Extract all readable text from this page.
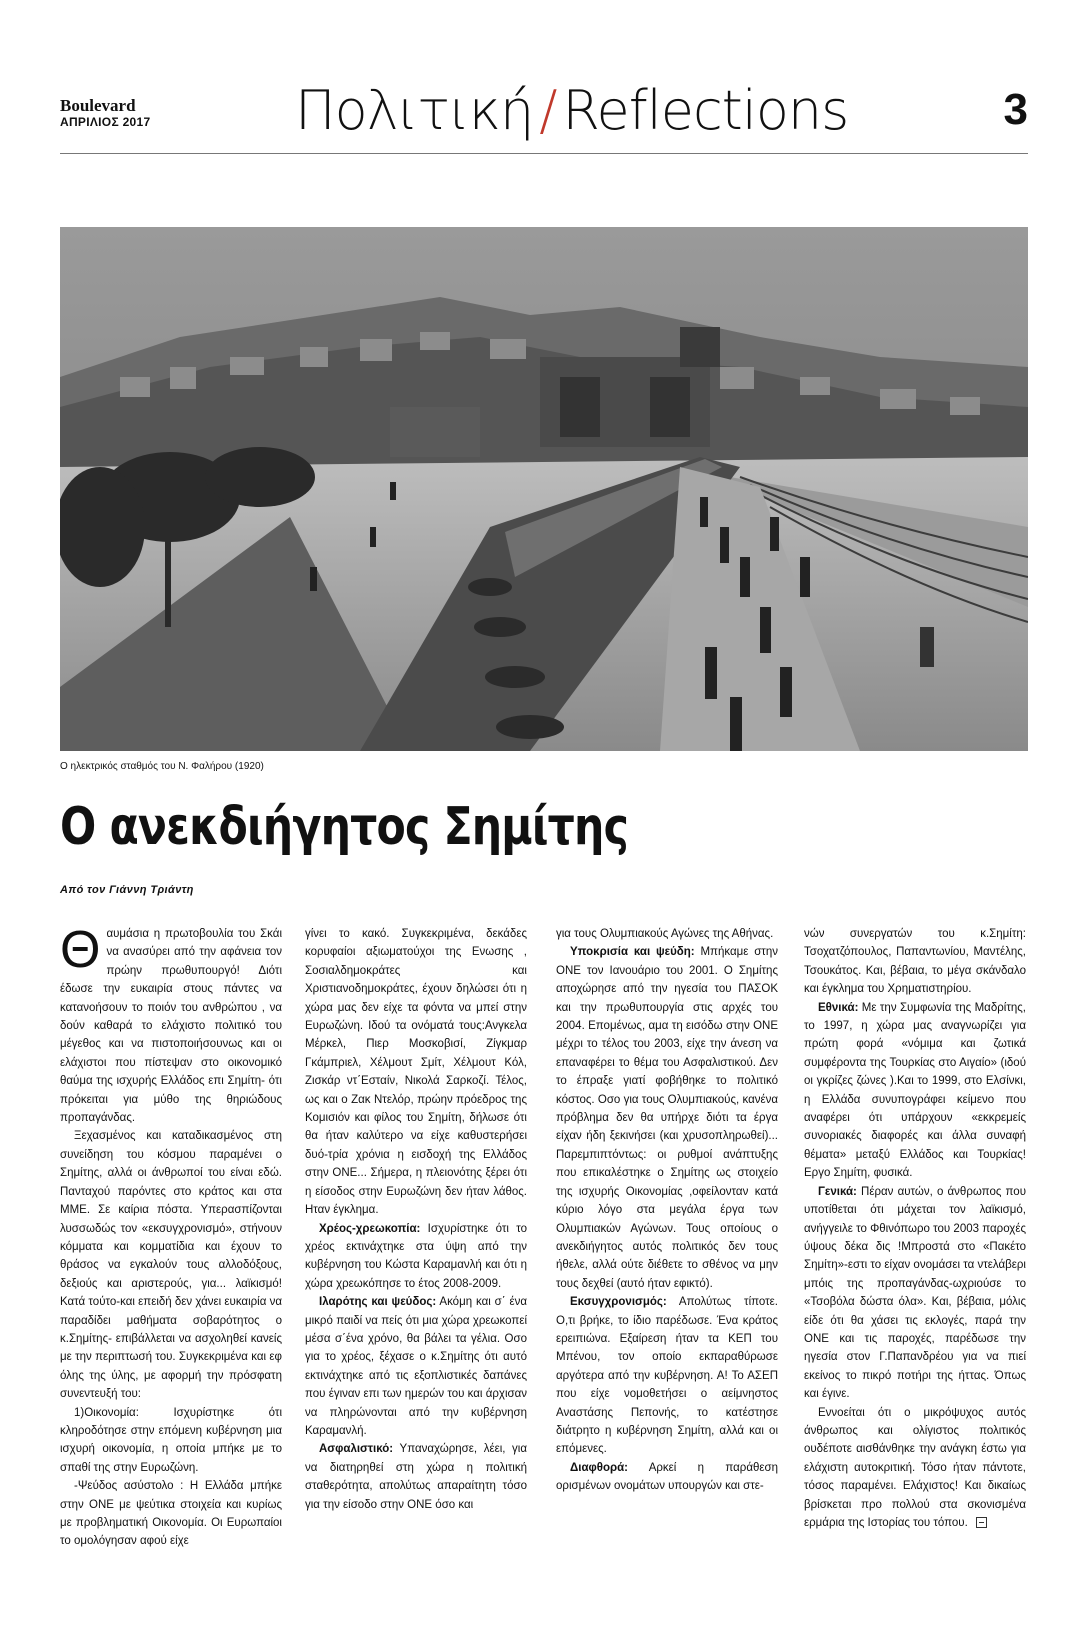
Boulevard
ΑΠΡΙΛΙΟΣ 2017	Πολιτική / Reflections	3
Ο ηλεκτρικός σταθμός του Ν. Φαλήρου (1920)
Ο ανεκδιήγητος Σημίτης
Από τον Γιάννη Τριάντη

Θαυμάσια η πρωτοβουλία του Σκάι να ανασύρει από την αφάνεια τον πρώην πρωθυπουργό! Διότι έδωσε την ευκαιρία στους πάντες να κατανοήσουν το ποιόν του ανθρώπου , να δούν καθαρά το ελάχιστο πολιτικό του μέγεθος και να πιστοποιήσουνως και οι ελάχιστοι που πίστεψαν στο οικονομικό θαύμα της ισχυρής Ελλάδος επι Σημίτη- ότι πρόκειται για μύθο της θηριώδους προπαγάνδας.

Ξεχασμένος και καταδικασμένος στη συνείδηση του κόσμου παραμένει ο Σημίτης, αλλά οι άνθρωποί του είναι εδώ. Πανταχού παρόντες στο κράτος και στα ΜΜΕ. Σε καίρια πόστα. Υπερασπίζονται λυσσωδώς τον «εκσυγχρονισμό», στήνουν κόμματα και κομματίδια και έχουν το θράσος να εγκαλούν τους αλλοδόξους, δεξιούς και αριστερούς, για... λαϊκισμό! Κατά τούτο-και επειδή δεν χάνει ευκαιρία να παραδίδει μαθήματα σοβαρότητος ο κ.Σημίτης- επιβάλλεται να ασχοληθεί κανείς με την περιπτωσή του. Συγκεκριμένα και εφ όλης της ύλης, με αφορμή την πρόσφατη συνεντευξή του:

1)Οικονομία: Ισχυρίστηκε ότι κληροδότησε στην επόμενη κυβέρνηση μια ισχυρή οικονομία, η οποία μπήκε με το σπαθί της στην Ευρωζώνη.

-Ψεύδος ασύστολο : Η Ελλάδα μπήκε στην ΟΝΕ με ψεύτικα στοιχεία και κυρίως με προβληματική Οικονομία. Οι Ευρωπαίοι το ομολόγησαν αφού είχε

γίνει το κακό. Συγκεκριμένα, δεκάδες κορυφαίοι αξιωματούχοι της Ενωσης , Σοσιαλδημοκράτες και Χριστιανοδημοκράτες, έχουν δηλώσει ότι η χώρα μας δεν είχε τα φόντα να μπεί στην Ευρωζώνη. Ιδού τα ονόματά τους:Ανγκελα Μέρκελ, Πιερ Μοσκοβισί, Ζίγκμαρ Γκάμπριελ, Χέλμουτ Σμίτ, Χέλμουτ Κόλ, Ζισκάρ ντ΄Εσταίν, Νικολά Σαρκοζί. Τέλος, ως και ο Ζακ Ντελόρ, πρώην πρόεδρος της Κομισιόν και φίλος του Σημίτη, δήλωσε ότι θα ήταν καλύτερο να είχε καθυστερήσει δυό-τρία χρόνια η εισδοχή της Ελλάδος στην ΟΝΕ... Σήμερα, η πλειονότης ξέρει ότι η είσοδος στην Ευρωζώνη δεν ήταν λάθος. Ηταν έγκλημα.

Χρέος-χρεωκοπία: Ισχυρίστηκε ότι το χρέος εκτινάχτηκε στα ύψη από την κυβέρνηση του Κώστα Καραμανλή και ότι η χώρα χρεωκόπησε το έτος 2008-2009.

Ιλαρότης και ψεύδος: Ακόμη και σ΄ ένα μικρό παιδί να πείς ότι μια χώρα χρεωκοπεί μέσα σ΄ένα χρόνο, θα βάλει τα γέλια. Οσο για το χρέος, ξέχασε ο κ.Σημίτης ότι αυτό εκτινάχτηκε από τις εξοπλιστικές δαπάνες που έγιναν επι των ημερών του και άρχισαν να πληρώνονται από την κυβέρνηση Καραμανλή.

Ασφαλιστικό: Υπαναχώρησε, λέει, για να διατηρηθεί στη χώρα η πολιτική σταθερότητα, απολύτως απαραίτητη τόσο για την είσοδο στην ΟΝΕ όσο και

για τους Ολυμπιακούς Αγώνες της Αθήνας.

Υποκρισία και ψεύδη: Μπήκαμε στην ΟΝΕ τον Ιανουάριο του 2001. Ο Σημίτης αποχώρησε από την ηγεσία του ΠΑΣΟΚ και την πρωθυπουργία στις αρχές του 2004. Επομένως, αμα τη εισόδω στην ΟΝΕ μέχρι το τέλος του 2003, είχε την άνεση να επαναφέρει το θέμα του Ασφαλιστικού. Δεν το έπραξε γιατί φοβήθηκε το πολιτικό κόστος. Οσο για τους Ολυμπιακούς, κανένα πρόβλημα δεν θα υπήρχε διότι τα έργα είχαν ήδη ξεκινήσει (και χρυσοπληρωθεί)... Παρεμπιπτόντως: οι ρυθμοί ανάπτυξης που επικαλέστηκε ο Σημίτης ως στοιχείο της ισχυρής Οικονομίας ,οφείλονταν κατά κύριο λόγο στα μεγάλα έργα των Ολυμπιακών Αγώνων. Τους οποίους ο ανεκδιήγητος αυτός πολιτικός δεν τους ήθελε, αλλά ούτε διέθετε το σθένος να μην τους δεχθεί (αυτό ήταν εφικτό).

Εκσυγχρονισμός: Απολύτως τίποτε. Ο,τι βρήκε, το ίδιο παρέδωσε. Ένα κράτος ερειπιώνα. Εξαίρεση ήταν τα ΚΕΠ του Μπένου, τον οποίο εκπαραθύρωσε αργότερα από την κυβέρνηση. Α! Το ΑΣΕΠ που είχε νομοθετήσει ο αείμνηστος Αναστάσης Πεπονής, το κατέστησε διάτρητο η κυβέρνηση Σημίτη, αλλά και οι επόμενες.

Διαφθορά: Αρκεί η παράθεση ορισμένων ονομάτων υπουργών και στε-

νών συνεργατών του κ.Σημίτη: Τσοχατζόπουλος, Παπαντωνίου, Μαντέλης, Τσουκάτος. Και, βέβαια, το μέγα σκάνδαλο και έγκλημα του Χρηματιστηρίου.

Εθνικά: Με την Συμφωνία της Μαδρίτης, το 1997, η χώρα μας αναγνωρίζει για πρώτη φορά «νόμιμα και ζωτικά συμφέροντα της Τουρκίας στο Αιγαίο» (ιδού οι γκρίζες ζώνες ).Και το 1999, στο Ελσίνκι, η Ελλάδα συνυπογράφει κείμενο που αναφέρει ότι υπάρχουν «εκκρεμείς συνοριακές διαφορές και άλλα συναφή θέματα» μεταξύ Ελλάδος και Τουρκίας! Εργο Σημίτη, φυσικά.

Γενικά: Πέραν αυτών, ο άνθρωπος που υποτίθεται ότι μάχεται τον λαϊκισμό, ανήγγειλε το Φθινόπωρο του 2003 παροχές ύψους δέκα δις !Μπροστά στο «Πακέτο Σημίτη»-εστι το είχαν ονομάσει τα ντελάβερι μπόις της προπαγάνδας-ωχριούσε το «Τσοβόλα δώστα όλα». Και, βέβαια, μόλις είδε ότι θα χάσει τις εκλογές, παρά την ΟΝΕ και τις παροχές, παρέδωσε την ηγεσία στον Γ.Παπανδρέου για να πιεί εκείνος το πικρό ποτήρι της ήττας. Όπως και έγινε.

Εννοείται ότι ο μικρόψυχος αυτός άνθρωπος και ολίγιστος πολιτικός ουδέποτε αισθάνθηκε την ανάγκη έστω για ελάχιστη αυτοκριτική. Τόσο ήταν πάντοτε, τόσος παραμένει. Ελάχιστος! Και δικαίως βρίσκεται προ πολλού στα σκονισμένα ερμάρια της Ιστορίας του τόπου.
